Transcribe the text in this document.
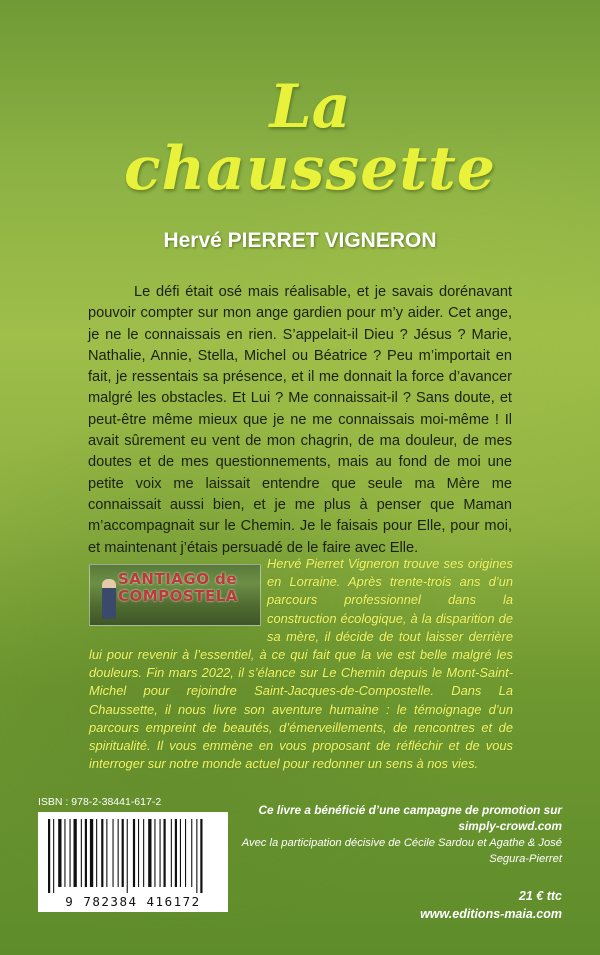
La
chaussette
Hervé PIERRET VIGNERON

Le défi était osé mais réalisable, et je savais dorénavant pouvoir compter sur mon ange gardien pour m’y aider. Cet ange, je ne le connaissais en rien. S’appelait-il Dieu ? Jésus ? Marie, Nathalie, Annie, Stella, Michel ou Béatrice ? Peu m’importait en fait, je ressentais sa présence, et il me donnait la force d’avancer malgré les obstacles. Et Lui ? Me connaissait-il ? Sans doute, et peut-être même mieux que je ne me connaissais moi-même ! Il avait sûrement eu vent de mon chagrin, de ma douleur, de mes doutes et de mes questionnements, mais au fond de moi une petite voix me laissait entendre que seule ma Mère me connaissait aussi bien, et je me plus à penser que Maman m’accompagnait sur le Chemin. Je le faisais pour Elle, pour moi, et maintenant j’étais persuadé de le faire avec Elle.

Hervé Pierret Vigneron trouve ses origines en Lorraine. Après trente-trois ans d’un parcours professionnel dans la construction écologique, à la disparition de sa mère, il décide de tout laisser derrière lui pour revenir à l’essentiel, à ce qui fait que la vie est belle malgré les douleurs. Fin mars 2022, il s’élance sur Le Chemin depuis le Mont-Saint-Michel pour rejoindre Saint-Jacques-de-Compostelle. Dans La Chaussette, il nous livre son aventure humaine : le témoignage d’un parcours empreint de beautés, d’émerveillements, de rencontres et de spiritualité. Il vous emmène en vous proposant de réfléchir et de vous interroger sur notre monde actuel pour redonner un sens à nos vies.

SANTIAGO de COMPOSTELA
ISBN : 978-2-38441-617-2
9 782384 416172

Ce livre a bénéficié d’une campagne de promotion sur simply-crowd.com

Avec la participation décisive de Cécile Sardou et Agathe & José Segura-Pierret

21 € ttc

www.editions-maia.com
